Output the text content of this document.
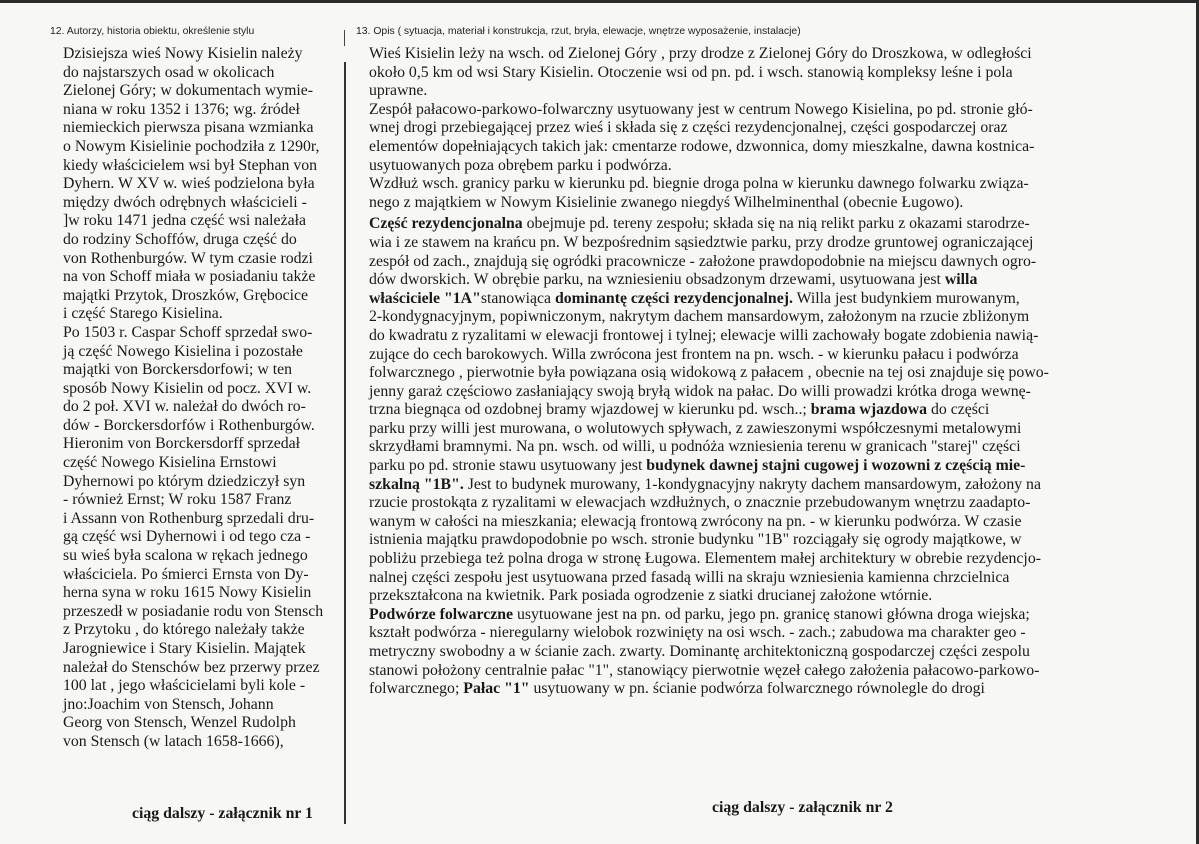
12. Autorzy, historia obiektu, określenie stylu	13. Opis ( sytuacja, materiał i konstrukcja, rzut, bryła, elewacje, wnętrze wyposażenie, instalacje)
Dzisiejsza wieś Nowy Kisielin należy
do najstarszych osad w okolicach
Zielonej Góry; w dokumentach wymie-
niana w roku 1352 i 1376; wg. źródeł
niemieckich pierwsza pisana wzmianka
o Nowym Kisielinie pochodziła z 1290r,
kiedy właścicielem wsi był Stephan von
Dyhern. W XV w. wieś podzielona była
między dwóch odrębnych właścicieli -
]w roku 1471 jedna część wsi należała
do rodziny Schoffów, druga część do
von Rothenburgów. W tym czasie rodzi
na von Schoff miała w posiadaniu także
majątki Przytok, Droszków, Grębocice
i część Starego Kisielina.
Po 1503 r. Caspar Schoff sprzedał swo-
ją część Nowego Kisielina i pozostałe
majątki von Borckersdorfowi; w ten
sposób Nowy Kisielin od pocz. XVI w.
do 2 poł. XVI w. należał do dwóch ro-
dów - Borckersdorfów i Rothenburgów.
Hieronim von Borckersdorff sprzedał
część Nowego Kisielina Ernstowi
Dyhernowi po którym dziedziczył syn
- również Ernst; W roku 1587 Franz
i Assann von Rothenburg sprzedali dru-
gą część wsi Dyhernowi i od tego cza -
su wieś była scalona w rękach jednego
właściciela. Po śmierci Ernsta von Dy-
herna syna w roku 1615 Nowy Kisielin
przeszedł w posiadanie rodu von Stensch
z Przytoku , do którego należały także
Jarogniewice i Stary Kisielin. Majątek
należał do Stenschów bez przerwy przez
100 lat , jego właścicielami byli kole -
jno:Joachim von Stensch, Johann
Georg von Stensch, Wenzel Rudolph
von Stensch (w latach 1658-1666),
Wieś Kisielin leży na wsch. od Zielonej Góry , przy drodze z Zielonej Góry do Droszkowa, w odległości
około 0,5 km od wsi Stary Kisielin. Otoczenie wsi od pn. pd. i wsch. stanowią kompleksy leśne i pola
uprawne.
Zespół pałacowo-parkowo-folwarczny usytuowany jest w centrum Nowego Kisielina, po pd. stronie głó-
wnej drogi przebiegającej przez wieś i składa się z części rezydencjonalnej, części gospodarczej oraz
elementów dopełniających takich jak: cmentarze rodowe, dzwonnica, domy mieszkalne, dawna kostnica-
usytuowanych poza obrębem parku i podwórza.
Wzdłuż wsch. granicy parku w kierunku pd. biegnie droga polna w kierunku dawnego folwarku związa-
nego z majątkiem w Nowym Kisielinie zwanego niegdyś Wilhelminenthal (obecnie Ługowo).
Część rezydencjonalna obejmuje pd. tereny zespołu; składa się na nią relikt parku z okazami starodrze-
wia i ze stawem na krańcu pn. W bezpośrednim sąsiedztwie parku, przy drodze gruntowej ograniczającej
zespół od zach., znajdują się ogródki pracownicze - założone prawdopodobnie na miejscu dawnych ogro-
dów dworskich. W obrębie parku, na wzniesieniu obsadzonym drzewami, usytuowana jest willa
właściciele "1A"stanowiąca dominantę części rezydencjonalnej. Willa jest budynkiem murowanym,
2-kondygnacyjnym, popiwniczonym, nakrytym dachem mansardowym, założonym na rzucie zbliżonym
do kwadratu z ryzalitami w elewacji frontowej i tylnej; elewacje willi zachowały bogate zdobienia nawią-
zujące do cech barokowych. Willa zwrócona jest frontem na pn. wsch. - w kierunku pałacu i podwórza
folwarcznego , pierwotnie była powiązana osią widokową z pałacem , obecnie na tej osi znajduje się powo-
jenny garaż częściowo zasłaniający swoją bryłą widok na pałac. Do willi prowadzi krótka droga wewnę-
trzna biegnąca od ozdobnej bramy wjazdowej w kierunku pd. wsch..; brama wjazdowa do części
parku przy willi jest murowana, o wolutowych spływach, z zawieszonymi współczesnymi metalowymi
skrzydłami bramnymi. Na pn. wsch. od willi, u podnóża wzniesienia terenu w granicach "starej" części
parku po pd. stronie stawu usytuowany jest budynek dawnej stajni cugowej i wozowni z częścią mie-
szkalną "1B". Jest to budynek murowany, 1-kondygnacyjny nakryty dachem mansardowym, założony na
rzucie prostokąta z ryzalitami w elewacjach wzdłużnych, o znacznie przebudowanym wnętrzu zaadapto-
wanym w całości na mieszkania; elewacją frontową zwrócony na pn. - w kierunku podwórza. W czasie
istnienia majątku prawdopodobnie po wsch. stronie budynku "1B" rozciągały się ogrody majątkowe, w
pobliżu przebiega też polna droga w stronę Ługowa. Elementem małej architektury w obrebie rezydencjo-
nalnej części zespołu jest usytuowana przed fasadą willi na skraju wzniesienia kamienna chrzcielnica
przekształcona na kwietnik. Park posiada ogrodzenie z siatki drucianej założone wtórnie.
Podwórze folwarczne usytuowane jest na pn. od parku, jego pn. granicę stanowi główna droga wiejska;
kształt podwórza - nieregularny wielobok rozwinięty na osi wsch. - zach.; zabudowa ma charakter geo -
metryczny swobodny a w ścianie zach. zwarty. Dominantę architektoniczną gospodarczej części zespolu
stanowi położony centralnie pałac "1", stanowiący pierwotnie węzeł całego założenia pałacowo-parkowo-
folwarcznego; Pałac "1" usytuowany w pn. ścianie podwórza folwarcznego równolegle do drogi
ciąg dalszy - załącznik nr 1	ciąg dalszy - załącznik nr 2
